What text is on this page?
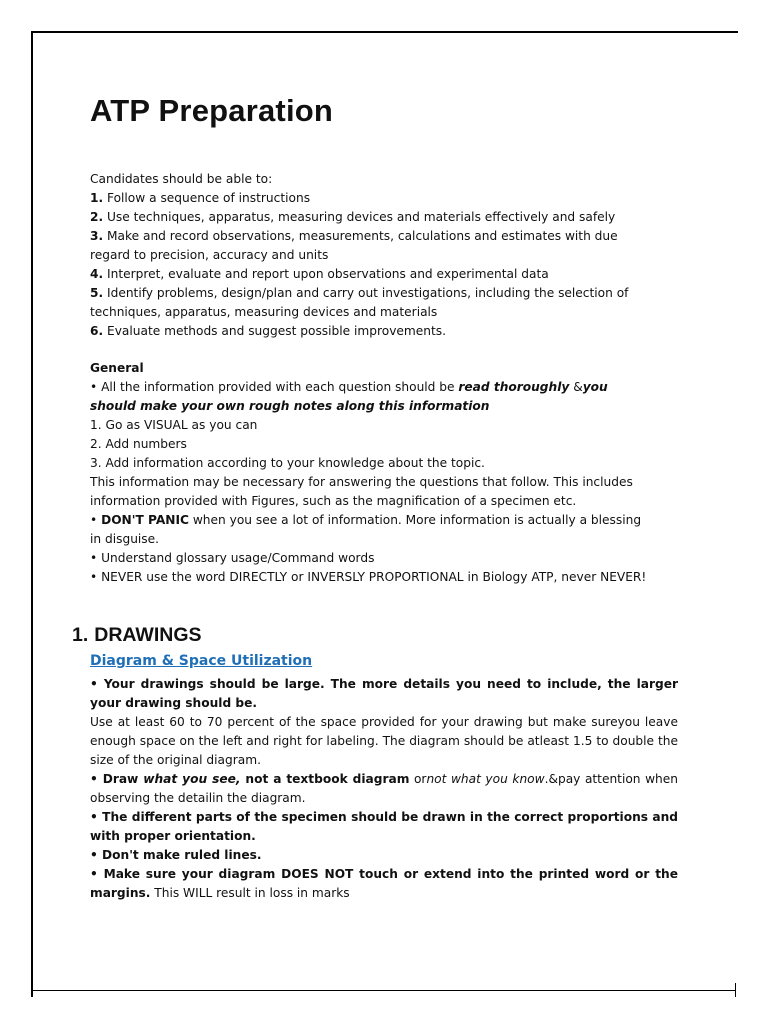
ATP Preparation

Candidates should be able to:

1. Follow a sequence of instructions

2. Use techniques, apparatus, measuring devices and materials effectively and safely

3. Make and record observations, measurements, calculations and estimates with due regard to precision, accuracy and units

4. Interpret, evaluate and report upon observations and experimental data

5. Identify problems, design/plan and carry out investigations, including the selection of techniques, apparatus, measuring devices and materials

6. Evaluate methods and suggest possible improvements.

General

• All the information provided with each question should be read thoroughly &you should make your own rough notes along this information

1. Go as VISUAL as you can

2. Add numbers

3. Add information according to your knowledge about the topic.

This information may be necessary for answering the questions that follow. This includes information provided with Figures, such as the magnification of a specimen etc.

• DON'T PANIC when you see a lot of information. More information is actually a blessing in disguise.

• Understand glossary usage/Command words

• NEVER use the word DIRECTLY or INVERSLY PROPORTIONAL in Biology ATP, never NEVER!

1. DRAWINGS
Diagram & Space Utilization

• Your drawings should be large. The more details you need to include, the larger your drawing should be.

Use at least 60 to 70 percent of the space provided for your drawing but make sureyou leave enough space on the left and right for labeling. The diagram should be atleast 1.5 to double the size of the original diagram.

• Draw what you see, not a textbook diagram ornot what you know.&pay attention when observing the detailin the diagram.

• The different parts of the specimen should be drawn in the correct proportions and with proper orientation.

• Don't make ruled lines.

• Make sure your diagram DOES NOT touch or extend into the printed word or the margins. This WILL result in loss in marks
